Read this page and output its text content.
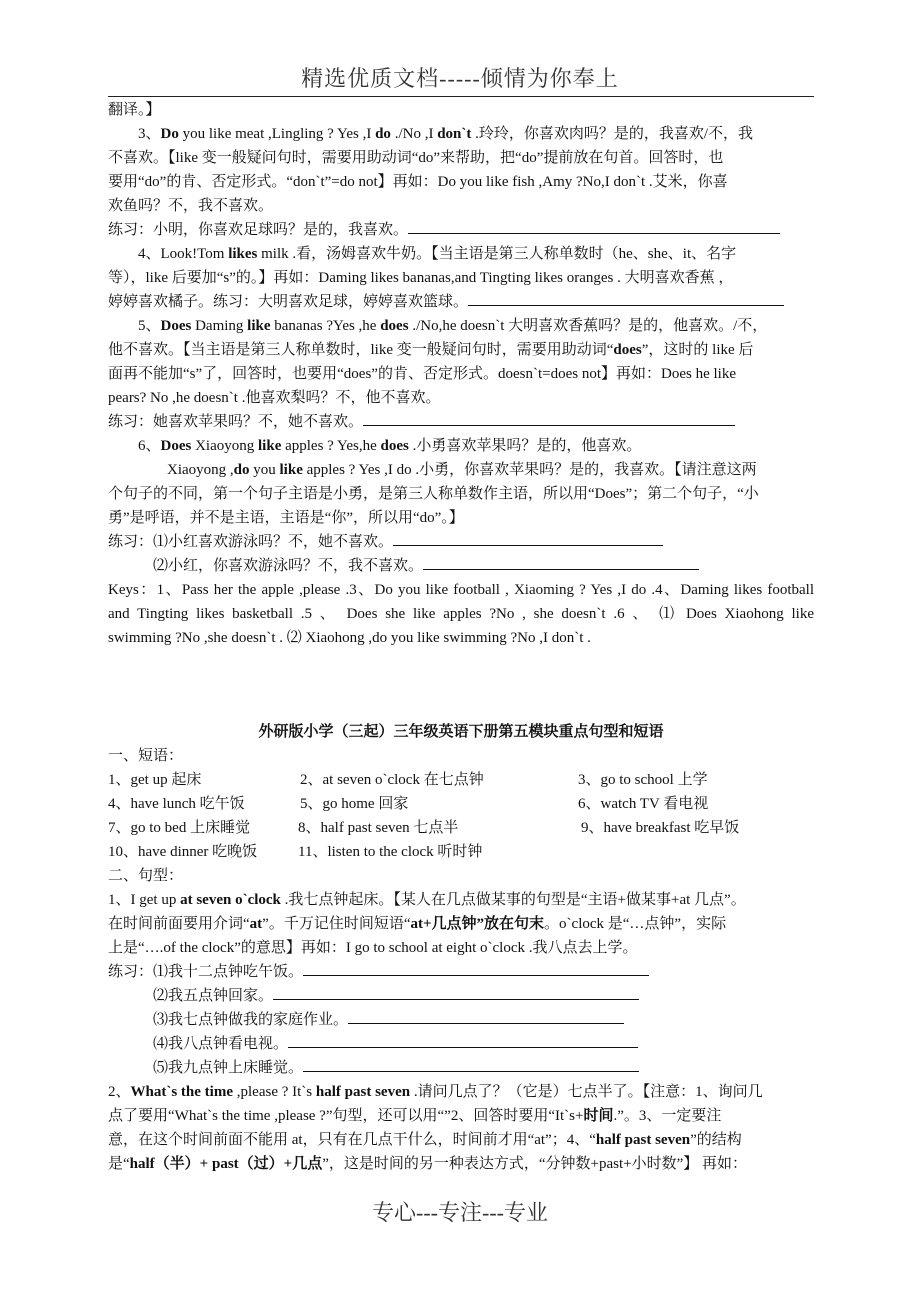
精选优质文档-----倾情为你奉上
翻译。】
3、Do you like meat ,Lingling ? Yes ,I do ./No ,I don`t .玲玲，你喜欢肉吗？是的，我喜欢/不，我
不喜欢。【like 变一般疑问句时，需要用助动词“do”来帮助，把“do”提前放在句首。回答时，也
要用“do”的肯、否定形式。“don`t”=do not】再如：Do you like fish ,Amy ?No,I don`t .艾米，你喜
欢鱼吗？不，我不喜欢。
练习：小明，你喜欢足球吗？是的，我喜欢。
4、Look!Tom likes milk .看，汤姆喜欢牛奶。【当主语是第三人称单数时（he、she、it、名字
等），like 后要加“s”的。】再如：Daming likes bananas,and Tingting likes oranges . 大明喜欢香蕉 ，
婷婷喜欢橘子。练习：大明喜欢足球，婷婷喜欢篮球。
5、Does Daming like bananas ?Yes ,he does ./No,he doesn`t 大明喜欢香蕉吗？是的，他喜欢。/不，
他不喜欢。【当主语是第三人称单数时，like 变一般疑问句时，需要用助动词“does”，这时的 like 后
面再不能加“s”了，回答时，也要用“does”的肯、否定形式。doesn`t=does not】再如：Does he like
pears? No ,he doesn`t .他喜欢梨吗？不，他不喜欢。
练习：她喜欢苹果吗？不，她不喜欢。
6、Does Xiaoyong like apples ? Yes,he does .小勇喜欢苹果吗？是的，他喜欢。
Xiaoyong ,do you like apples ? Yes ,I do .小勇，你喜欢苹果吗？是的，我喜欢。【请注意这两
个句子的不同，第一个句子主语是小勇，是第三人称单数作主语，所以用“Does”；第二个句子，“小
勇”是呼语，并不是主语，主语是“你”，所以用“do”。】
练习：⑴小红喜欢游泳吗？不，她不喜欢。
⑵小红，你喜欢游泳吗？不，我不喜欢。
Keys：1、Pass her the apple ,please .3、Do you like football , Xiaoming ? Yes ,I do .4、Daming likes football
and Tingting likes basketball .5 、 Does she like apples ?No , she doesn`t .6 、 ⑴ Does Xiaohong like
swimming ?No ,she doesn`t . ⑵ Xiaohong ,do you like swimming ?No ,I don`t .
外研版小学（三起）三年级英语下册第五模块重点句型和短语
一、短语：
1、get up 起床	2、at seven o`clock 在七点钟	3、go to school 上学
4、have lunch 吃午饭	5、go home 回家	6、watch TV 看电视
7、go to bed 上床睡觉	8、half past seven 七点半	9、have breakfast 吃早饭
10、have dinner 吃晚饭	11、listen to the clock 听时钟
二、句型：
1、I get up at seven o`clock .我七点钟起床。【某人在几点做某事的句型是“主语+做某事+at 几点”。
在时间前面要用介词“at”。千万记住时间短语“at+几点钟”放在句末。o`clock 是“…点钟”，实际
上是“….of the clock”的意思】再如：I go to school at eight o`clock .我八点去上学。
练习：⑴我十二点钟吃午饭。
⑵我五点钟回家。
⑶我七点钟做我的家庭作业。
⑷我八点钟看电视。
⑸我九点钟上床睡觉。
2、What`s the time ,please ? It`s half past seven .请问几点了？（它是）七点半了。【注意：1、询问几
点了要用“What`s the time ,please ?”句型，还可以用“”2、回答时要用“It`s+时间.”。3、一定要注
意，在这个时间前面不能用 at，只有在几点干什么，时间前才用“at”；4、“half past seven”的结构
是“half（半）+ past（过）+几点”，这是时间的另一种表达方式，“分钟数+past+小时数”】 再如：
专心---专注---专业
